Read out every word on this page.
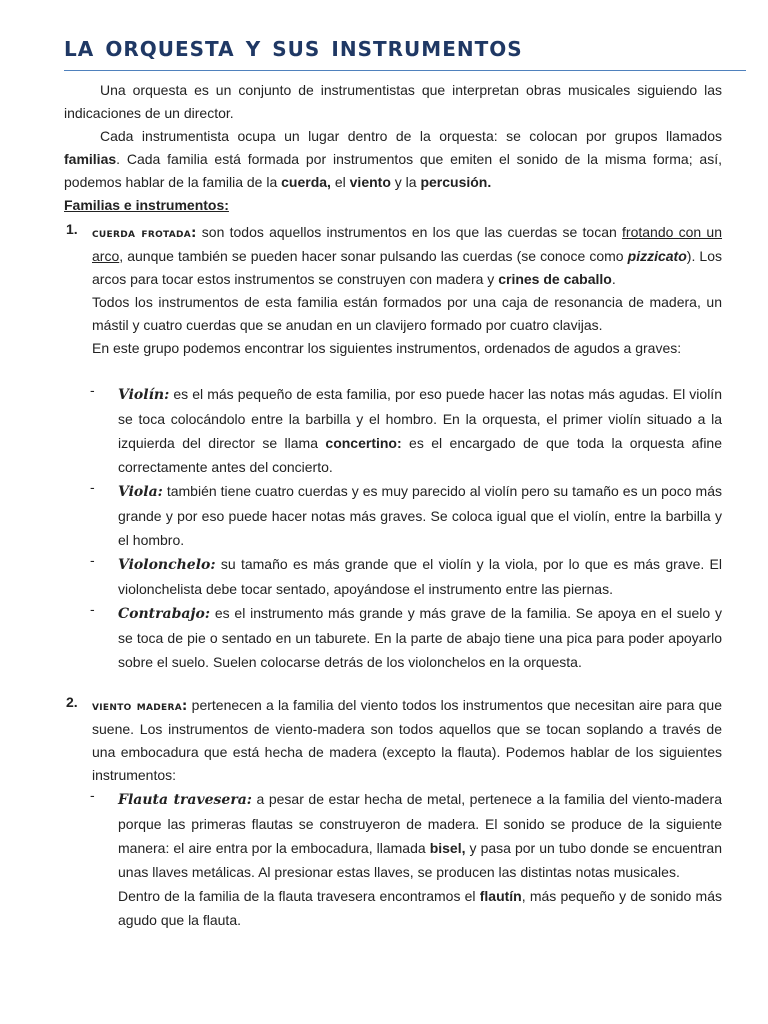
la orquesta y sus instrumentos

Una orquesta es un conjunto de instrumentistas que interpretan obras musicales siguiendo las indicaciones de un director.

Cada instrumentista ocupa un lugar dentro de la orquesta: se colocan por grupos llamados familias. Cada familia está formada por instrumentos que emiten el sonido de la misma forma; así, podemos hablar de la familia de la cuerda, el viento y la percusión.

Familias e instrumentos:
1. cuerda frotada: son todos aquellos instrumentos en los que las cuerdas se tocan frotando con un arco, aunque también se pueden hacer sonar pulsando las cuerdas (se conoce como pizzicato). Los arcos para tocar estos instrumentos se construyen con madera y crines de caballo.

Todos los instrumentos de esta familia están formados por una caja de resonancia de madera, un mástil y cuatro cuerdas que se anudan en un clavijero formado por cuatro clavijas.

En este grupo podemos encontrar los siguientes instrumentos, ordenados de agudos a graves:

- Violín: es el más pequeño de esta familia, por eso puede hacer las notas más agudas. El violín se toca colocándolo entre la barbilla y el hombro. En la orquesta, el primer violín situado a la izquierda del director se llama concertino: es el encargado de que toda la orquesta afine correctamente antes del concierto.

- Viola: también tiene cuatro cuerdas y es muy parecido al violín pero su tamaño es un poco más grande y por eso puede hacer notas más graves. Se coloca igual que el violín, entre la barbilla y el hombro.

- Violonchelo: su tamaño es más grande que el violín y la viola, por lo que es más grave. El violonchelista debe tocar sentado, apoyándose el instrumento entre las piernas.

- Contrabajo: es el instrumento más grande y más grave de la familia. Se apoya en el suelo y se toca de pie o sentado en un taburete. En la parte de abajo tiene una pica para poder apoyarlo sobre el suelo. Suelen colocarse detrás de los violonchelos en la orquesta.

2. viento madera: pertenecen a la familia del viento todos los instrumentos que necesitan aire para que suene. Los instrumentos de viento-madera son todos aquellos que se tocan soplando a través de una embocadura que está hecha de madera (excepto la flauta). Podemos hablar de los siguientes instrumentos:

- Flauta travesera: a pesar de estar hecha de metal, pertenece a la familia del viento-madera porque las primeras flautas se construyeron de madera. El sonido se produce de la siguiente manera: el aire entra por la embocadura, llamada bisel, y pasa por un tubo donde se encuentran unas llaves metálicas. Al presionar estas llaves, se producen las distintas notas musicales.

Dentro de la familia de la flauta travesera encontramos el flautín, más pequeño y de sonido más agudo que la flauta.
